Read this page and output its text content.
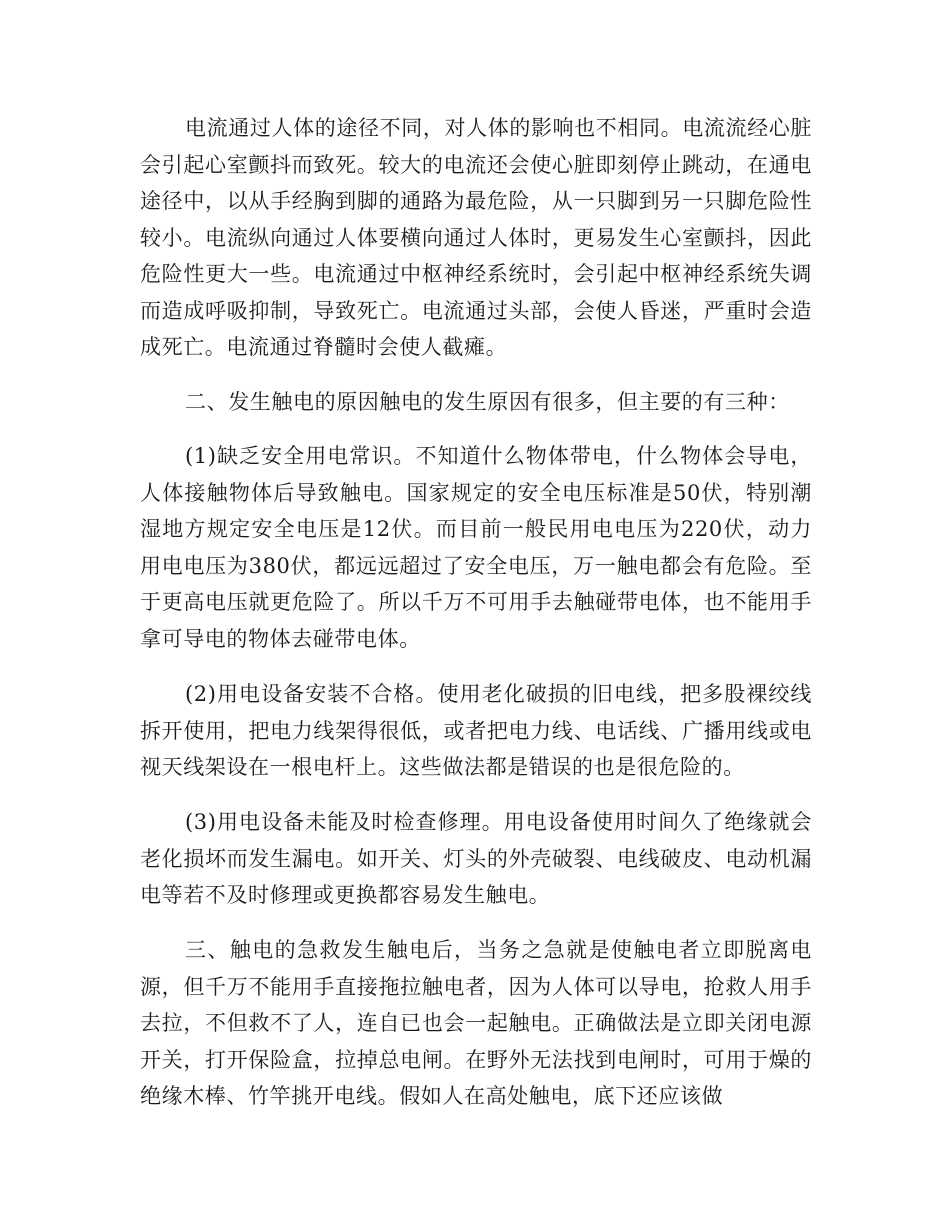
电流通过人体的途径不同，对人体的影响也不相同。电流流经心脏会引起心室颤抖而致死。较大的电流还会使心脏即刻停止跳动，在通电途径中，以从手经胸到脚的通路为最危险，从一只脚到另一只脚危险性较小。电流纵向通过人体要横向通过人体时，更易发生心室颤抖，因此危险性更大一些。电流通过中枢神经系统时，会引起中枢神经系统失调而造成呼吸抑制，导致死亡。电流通过头部，会使人昏迷，严重时会造成死亡。电流通过脊髓时会使人截瘫。

二、发生触电的原因触电的发生原因有很多，但主要的有三种：

(1)缺乏安全用电常识。不知道什么物体带电，什么物体会导电，人体接触物体后导致触电。国家规定的安全电压标准是50伏，特别潮湿地方规定安全电压是12伏。而目前一般民用电电压为220伏，动力用电电压为380伏，都远远超过了安全电压，万一触电都会有危险。至于更高电压就更危险了。所以千万不可用手去触碰带电体，也不能用手拿可导电的物体去碰带电体。

(2)用电设备安装不合格。使用老化破损的旧电线，把多股裸绞线拆开使用，把电力线架得很低，或者把电力线、电话线、广播用线或电视天线架设在一根电杆上。这些做法都是错误的也是很危险的。

(3)用电设备未能及时检查修理。用电设备使用时间久了绝缘就会老化损坏而发生漏电。如开关、灯头的外壳破裂、电线破皮、电动机漏电等若不及时修理或更换都容易发生触电。

三、触电的急救发生触电后，当务之急就是使触电者立即脱离电源，但千万不能用手直接拖拉触电者，因为人体可以导电，抢救人用手去拉，不但救不了人，连自已也会一起触电。正确做法是立即关闭电源开关，打开保险盒，拉掉总电闸。在野外无法找到电闸时，可用于燥的绝缘木棒、竹竿挑开电线。假如人在高处触电，底下还应该做
